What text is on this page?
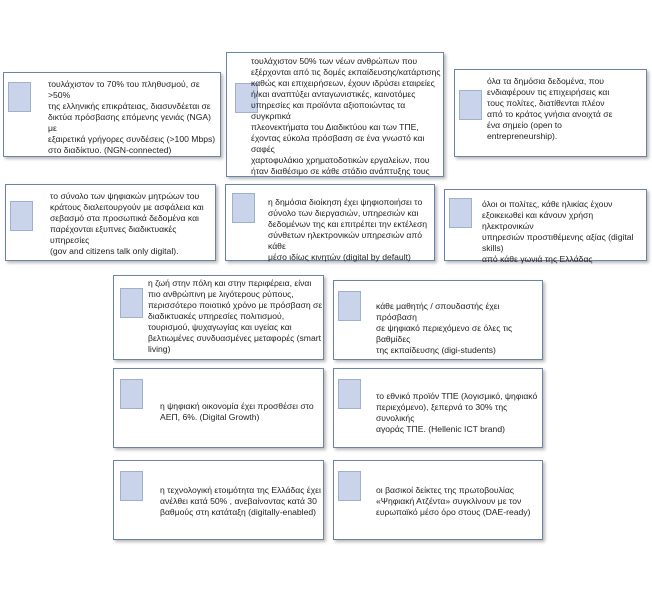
τουλάχιστον το 70% του πληθυσμού, σε >50%
της ελληνικής επικράτειας, διασυνδέεται σε
δικτύα πρόσβασης επόμενης γενιάς (NGA) με
εξαιρετικά γρήγορες συνδέσεις (>100 Mbps)
στο διαδίκτυο. (NGN-connected)
τουλάχιστον 50% των νέων ανθρώπων που
εξέρχονται από τις δομές εκπαίδευσης/κατάρτισης
καθώς και επιχειρήσεων, έχουν ιδρύσει εταιρείες
ή/και αναπτύξει ανταγωνιστικές, καινοτόμες
υπηρεσίες και προϊόντα αξιοποιώντας τα συγκριτικά
πλεονεκτήματα του Διαδικτύου και των ΤΠΕ,
έχοντας εύκολα πρόσβαση σε ένα γνωστό και σαφές
χαρτοφυλάκιο χρηματοδοτικών εργαλείων, που
ήταν διαθέσιμο σε κάθε στάδιο ανάπτυξης τους
όλα τα δημόσια δεδομένα, που
ενδιαφέρουν τις επιχειρήσεις και
τους πολίτες, διατίθενται πλέον
από το κράτος γνήσια ανοιχτά σε
ένα σημείο (open to
entrepreneurship).
το σύνολο των ψηφιακών μητρώων του
κράτους διαλειτουργούν με ασφάλεια και
σεβασμό στα προσωπικά δεδομένα και
παρέχονται εξυπνες διαδικτυακές υπηρεσίες
(gov and citizens talk only digital).
η δημόσια διοίκηση έχει ψηφιοποιήσει το
σύνολο των διεργασιών, υπηρεσιών και
δεδομένων της και επιτρέπει την εκτέλεση
σύνθετων ηλεκτρονικών υπηρεσιών από κάθε
μέσο ιδίως κινητών (digital by default)
όλοι οι πολίτες, κάθε ηλικίας έχουν
εξοικειωθεί και κάνουν χρήση ηλεκτρονικών
υπηρεσιών προστιθέμενης αξίας (digital skills)
από κάθε γωνιά της Ελλάδας
η ζωή στην πόλη και στην περιφέρεια, είναι
πιο ανθρώπινη με λιγότερους ρύπους,
περισσότερο ποιοτικό χρόνο με πρόσβαση σε
διαδικτυακές υπηρεσίες πολιτισμού,
τουρισμού, ψυχαγωγίας και υγείας και
βελτιωμένες συνδυασμένες μεταφορές (smart
living)
κάθε μαθητής / σπουδαστής έχει πρόσβαση
σε ψηφιακό περιεχόμενο σε όλες τις βαθμίδες
της εκπαίδευσης (digi-students)
η ψηφιακή οικονομία έχει προσθέσει στο
ΑΕΠ, 6%. (Digital Growth)
το εθνικό προϊόν ΤΠΕ (λογισμικό, ψηφιακό
περιεχόμενο), ξεπερνά το 30% της συνολικής
αγοράς ΤΠΕ. (Hellenic ICT brand)
η τεχνολογική ετοιμότητα της Ελλάδας έχει
ανέλθει κατά 50% , ανεβαίνοντας κατά 30
βαθμούς στη κατάταξη (digitally-enabled)
οι βασικοί δείκτες της πρωτοβουλίας
«Ψηφιακή Ατζέντα» συγκλίνουν με τον
ευρωπαϊκό μέσο όρο στους (DAE-ready)
